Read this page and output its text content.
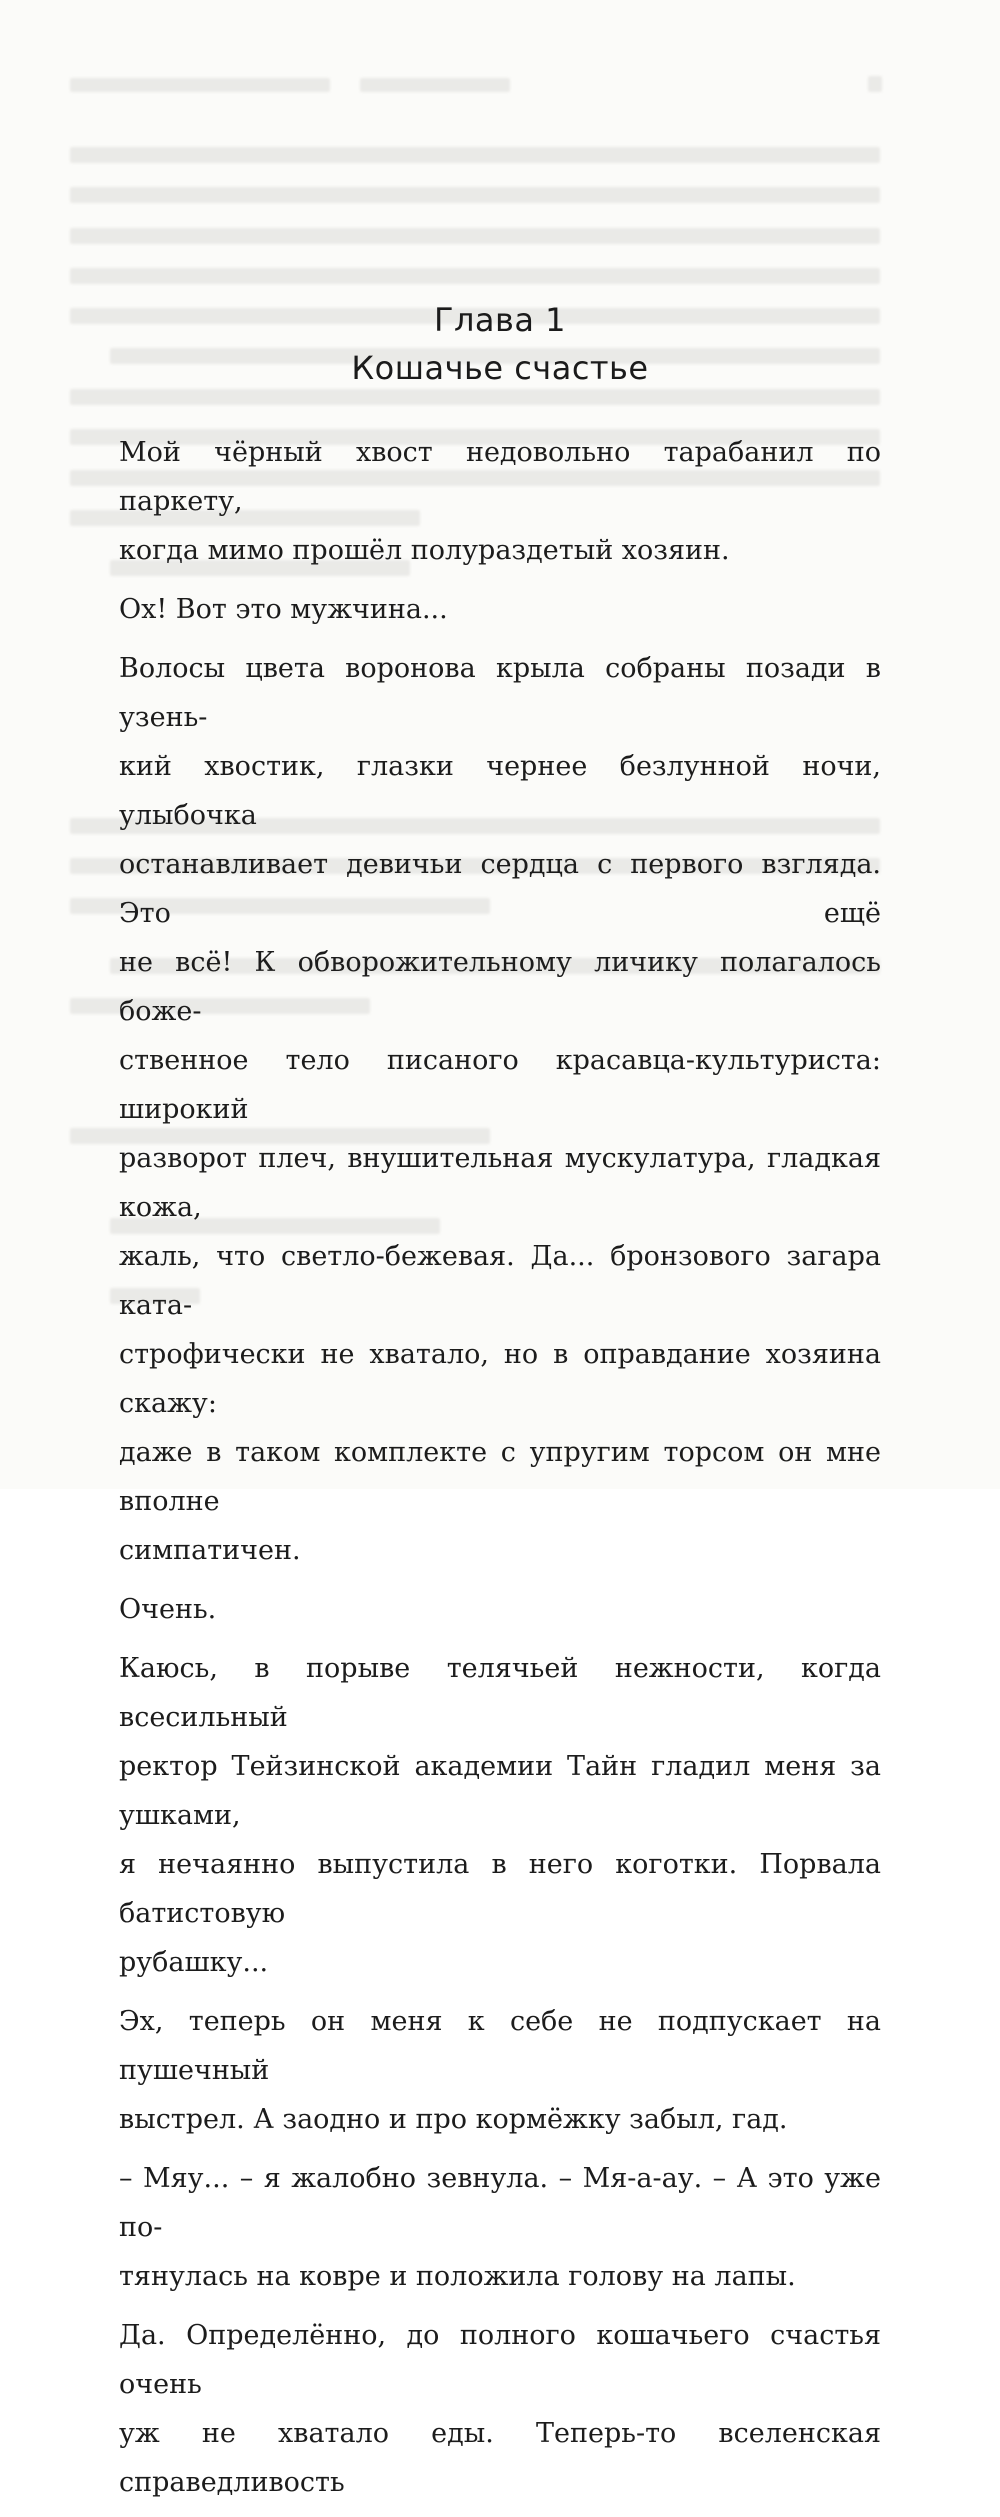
Глава 1
Кошачье счастье
Мой чёрный хвост недовольно тарабанил по паркету,
когда мимо прошёл полураздетый хозяин.
Ох! Вот это мужчина...
Волосы цвета воронова крыла собраны позади в узень-
кий хвостик, глазки чернее безлунной ночи, улыбочка
останавливает девичьи сердца с первого взгляда. Это ещё
не всё! К обворожительному личику полагалось боже-
ственное тело писаного красавца-культуриста: широкий
разворот плеч, внушительная мускулатура, гладкая кожа,
жаль, что светло-бежевая. Да... бронзового загара ката-
строфически не хватало, но в оправдание хозяина скажу:
даже в таком комплекте с упругим торсом он мне вполне
симпатичен.
Очень.
Каюсь, в порыве телячьей нежности, когда всесильный
ректор Тейзинской академии Тайн гладил меня за ушками,
я нечаянно выпустила в него коготки. Порвала батистовую
рубашку...
Эх, теперь он меня к себе не подпускает на пушечный
выстрел. А заодно и про кормёжку забыл, гад.
– Мяу... – я жалобно зевнула. – Мя-а-ау. – А это уже по-
тянулась на ковре и положила голову на лапы.
Да. Определённо, до полного кошачьего счастья очень
уж не хватало еды. Теперь-то вселенская справедливость
